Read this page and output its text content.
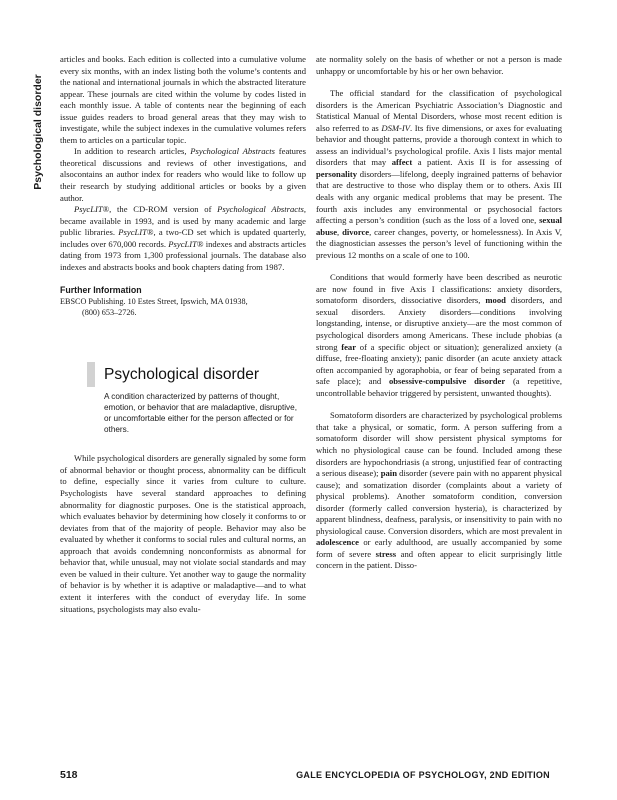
Psychological disorder

articles and books. Each edition is collected into a cumulative volume every six months, with an index listing both the volume’s contents and the national and international journals in which the abstracted literature appear. These journals are cited within the volume by codes listed in each monthly issue. A table of contents near the beginning of each issue guides readers to broad general areas that they may wish to investigate, while the subject indexes in the cumulative volumes refers them to articles on a particular topic.

In addition to research articles, Psychological Abstracts features theoretical discussions and reviews of other investigations, and alsocontains an author index for readers who would like to follow up their research by studying additional articles or books by a given author.

PsycLIT®, the CD-ROM version of Psychological Abstracts, became available in 1993, and is used by many academic and large public libraries. PsycLIT®, a two-CD set which is updated quarterly, includes over 670,000 records. PsycLIT® indexes and abstracts articles dating from 1973 from 1,300 professional journals. The database also indexes and abstracts books and book chapters dating from 1987.

Further Information
EBSCO Publishing. 10 Estes Street, Ipswich, MA 01938,
(800) 653–2726.
Psychological disorder

A condition characterized by patterns of thought, emotion, or behavior that are maladaptive, disruptive, or uncomfortable either for the person affected or for others.

While psychological disorders are generally signaled by some form of abnormal behavior or thought process, abnormality can be difficult to define, especially since it varies from culture to culture. Psychologists have several standard approaches to defining abnormality for diagnostic purposes. One is the statistical approach, which evaluates behavior by determining how closely it conforms to or deviates from that of the majority of people. Behavior may also be evaluated by whether it conforms to social rules and cultural norms, an approach that avoids condemning nonconformists as abnormal for behavior that, while unusual, may not violate social standards and may even be valued in their culture. Yet another way to gauge the normality of behavior is by whether it is adaptive or maladaptive—and to what extent it interferes with the conduct of everyday life. In some situations, psychologists may also evalu-

ate normality solely on the basis of whether or not a person is made unhappy or uncomfortable by his or her own behavior.

The official standard for the classification of psychological disorders is the American Psychiatric Association’s Diagnostic and Statistical Manual of Mental Disorders, whose most recent edition is also referred to as DSM-IV. Its five dimensions, or axes for evaluating behavior and thought patterns, provide a thorough context in which to assess an individual’s psychological profile. Axis I lists major mental disorders that may affect a patient. Axis II is for assessing of personality disorders—lifelong, deeply ingrained patterns of behavior that are destructive to those who display them or to others. Axis III deals with any organic medical problems that may be present. The fourth axis includes any environmental or psychosocial factors affecting a person’s condition (such as the loss of a loved one, sexual abuse, divorce, career changes, poverty, or homelessness). In Axis V, the diagnostician assesses the person’s level of functioning within the previous 12 months on a scale of one to 100.

Conditions that would formerly have been described as neurotic are now found in five Axis I classifications: anxiety disorders, somatoform disorders, dissociative disorders, mood disorders, and sexual disorders. Anxiety disorders—conditions involving longstanding, intense, or disruptive anxiety—are the most common of psychological disorders among Americans. These include phobias (a strong fear of a specific object or situation); generalized anxiety (a diffuse, free-floating anxiety); panic disorder (an acute anxiety attack often accompanied by agoraphobia, or fear of being separated from a safe place); and obsessive-compulsive disorder (a repetitive, uncontrollable behavior triggered by persistent, unwanted thoughts).

Somatoform disorders are characterized by psychological problems that take a physical, or somatic, form. A person suffering from a somatoform disorder will show persistent physical symptoms for which no physiological cause can be found. Included among these disorders are hypochondriasis (a strong, unjustified fear of contracting a serious disease); pain disorder (severe pain with no apparent physical cause); and somatization disorder (complaints about a variety of physical problems). Another somatoform condition, conversion disorder (formerly called conversion hysteria), is characterized by apparent blindness, deafness, paralysis, or insensitivity to pain with no physiological cause. Conversion disorders, which are most prevalent in adolescence or early adulthood, are usually accompanied by some form of severe stress and often appear to elicit surprisingly little concern in the patient. Disso-

518	GALE ENCYCLOPEDIA OF PSYCHOLOGY, 2ND EDITION
